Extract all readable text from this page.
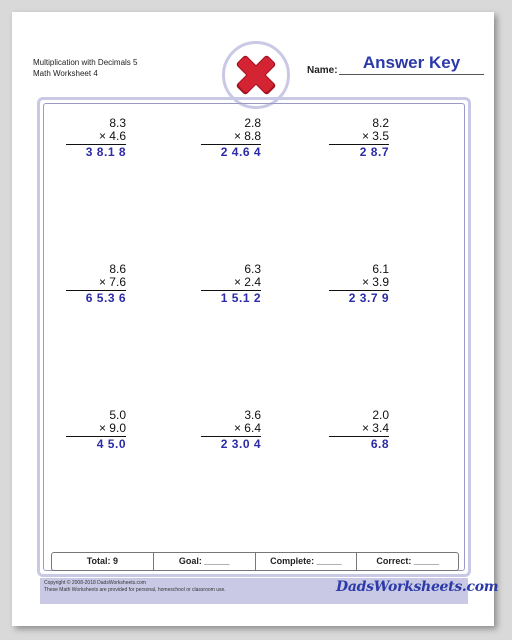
Multiplication with Decimals 5
Math Worksheet 4
Answer Key
Name:
8.3
× 4.6
3 8.1 8
2.8
× 8.8
2 4.6 4
8.2
× 3.5
2 8.7
8.6
× 7.6
6 5.3 6
6.3
× 2.4
1 5.1 2
6.1
× 3.9
2 3.7 9
5.0
× 9.0
4 5.0
3.6
× 6.4
2 3.0 4
2.0
× 3.4
6.8
Total: 9	Goal: _____	Complete: _____	Correct: _____
Copyright © 2008-2018 DadsWorksheets.com
These Math Worksheets are provided for personal, homeschool or classroom use.	DadsWorksheets.com
